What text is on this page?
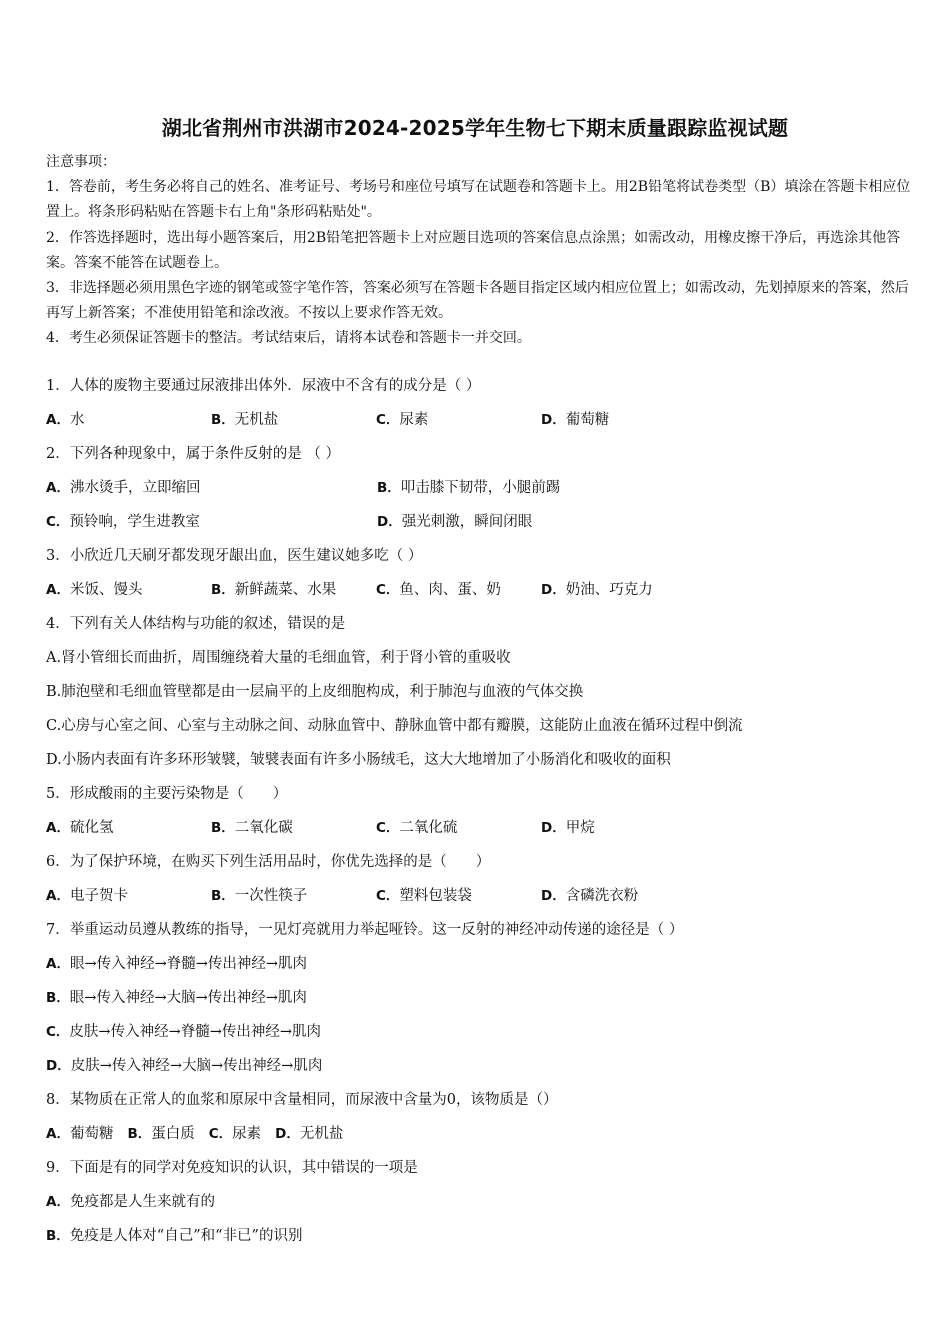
湖北省荆州市洪湖市2024-2025学年生物七下期末质量跟踪监视试题

注意事项：

1．答卷前，考生务必将自己的姓名、准考证号、考场号和座位号填写在试题卷和答题卡上。用2B铅笔将试卷类型（B）填涂在答题卡相应位置上。将条形码粘贴在答题卡右上角"条形码粘贴处"。

2．作答选择题时，选出每小题答案后，用2B铅笔把答题卡上对应题目选项的答案信息点涂黑；如需改动，用橡皮擦干净后，再选涂其他答案。答案不能答在试题卷上。

3．非选择题必须用黑色字迹的钢笔或签字笔作答，答案必须写在答题卡各题目指定区域内相应位置上；如需改动，先划掉原来的答案，然后再写上新答案；不准使用铅笔和涂改液。不按以上要求作答无效。

4．考生必须保证答题卡的整洁。考试结束后，请将本试卷和答题卡一并交回。

1．人体的废物主要通过尿液排出体外．尿液中不含有的成分是（ ）
A．水	B．无机盐	C．尿素	D．葡萄糖
2．下列各种现象中，属于条件反射的是 （ ）
A．沸水烫手，立即缩回	B．叩击膝下韧带，小腿前踢
C．预铃响，学生进教室	D．强光刺激，瞬间闭眼
3．小欣近几天刷牙都发现牙龈出血，医生建议她多吃（ ）
A．米饭、馒头	B．新鲜蔬菜、水果	C．鱼、肉、蛋、奶	D．奶油、巧克力
4．下列有关人体结构与功能的叙述，错误的是
A.肾小管细长而曲折，周围缠绕着大量的毛细血管，利于肾小管的重吸收
B.肺泡壁和毛细血管壁都是由一层扁平的上皮细胞构成，利于肺泡与血液的气体交换
C.心房与心室之间、心室与主动脉之间、动脉血管中、静脉血管中都有瓣膜，这能防止血液在循环过程中倒流
D.小肠内表面有许多环形皱襞，皱襞表面有许多小肠绒毛，这大大地增加了小肠消化和吸收的面积
5．形成酸雨的主要污染物是（　　）
A．硫化氢	B．二氧化碳	C．二氧化硫	D．甲烷
6．为了保护环境，在购买下列生活用品时，你优先选择的是（　　）
A．电子贺卡	B．一次性筷子	C．塑料包装袋	D．含磷洗衣粉
7．举重运动员遵从教练的指导，一见灯亮就用力举起哑铃。这一反射的神经冲动传递的途径是（ ）
A．眼→传入神经→脊髓→传出神经→肌肉
B．眼→传入神经→大脑→传出神经→肌肉
C．皮肤→传入神经→脊髓→传出神经→肌肉
D．皮肤→传入神经→大脑→传出神经→肌肉
8．某物质在正常人的血浆和原尿中含量相同，而尿液中含量为0，该物质是（）
A．葡萄糖 B．蛋白质 C．尿素 D．无机盐
9．下面是有的同学对免疫知识的认识，其中错误的一项是
A．免疫都是人生来就有的
B．免疫是人体对“自己”和“非已”的识别
